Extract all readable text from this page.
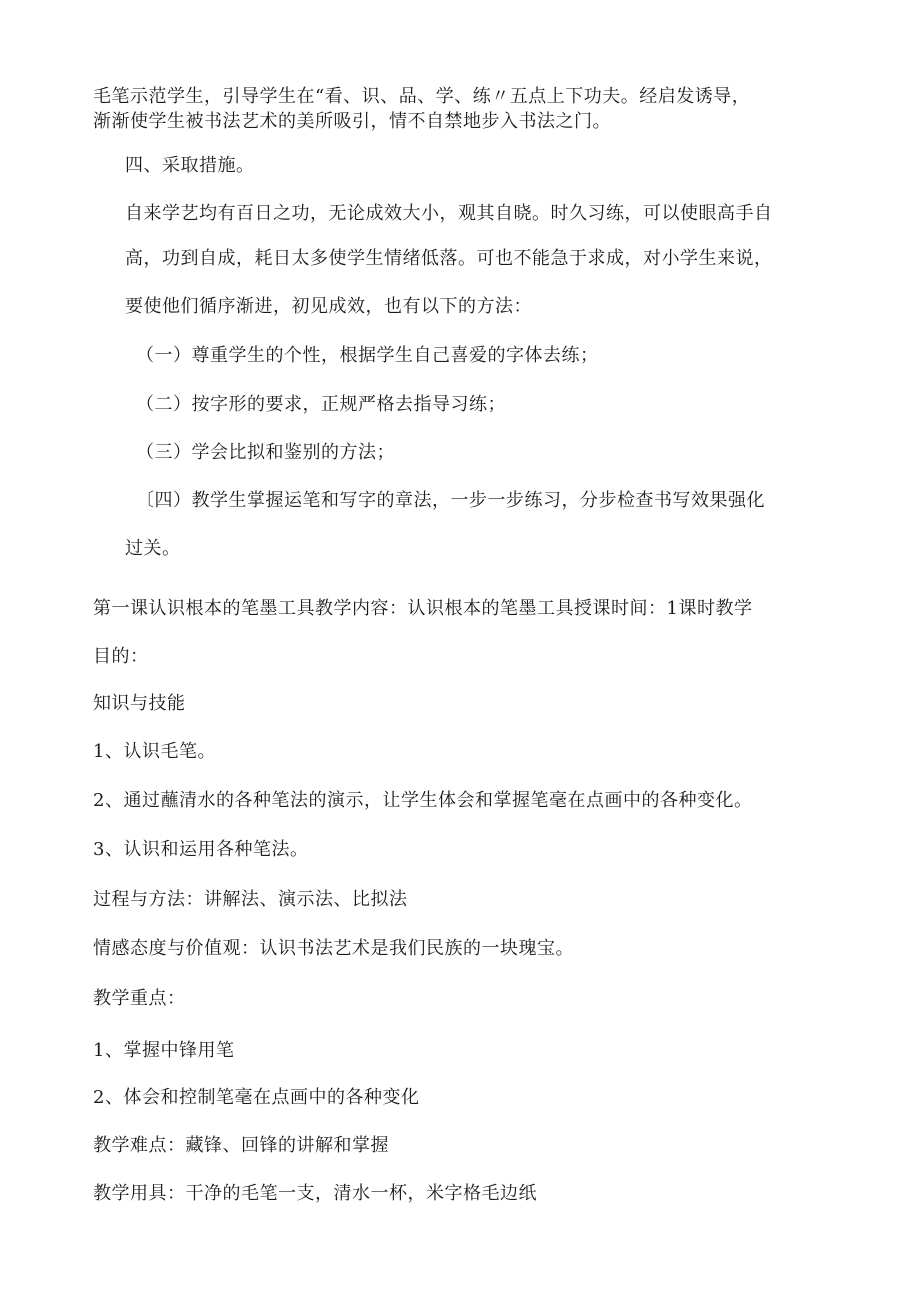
毛笔示范学生，引导学生在“看、识、品、学、练〃五点上下功夫。经启发诱导，
渐渐使学生被书法艺术的美所吸引，情不自禁地步入书法之门。
四、采取措施。
自来学艺均有百日之功，无论成效大小，观其自晓。时久习练，可以使眼高手自
高，功到自成，耗日太多使学生情绪低落。可也不能急于求成，对小学生来说，
要使他们循序渐进，初见成效，也有以下的方法：
（一）尊重学生的个性，根据学生自己喜爱的字体去练；
（二）按字形的要求，正规严格去指导习练；
（三）学会比拟和鉴别的方法；
〔四）教学生掌握运笔和写字的章法，一步一步练习，分步检查书写效果强化
过关。
第一课认识根本的笔墨工具教学内容：认识根本的笔墨工具授课时间：1课时教学
目的：
知识与技能
1、认识毛笔。
2、通过蘸清水的各种笔法的演示，让学生体会和掌握笔毫在点画中的各种变化。
3、认识和运用各种笔法。
过程与方法：讲解法、演示法、比拟法
情感态度与价值观：认识书法艺术是我们民族的一块瑰宝。
教学重点：
1、掌握中锋用笔
2、体会和控制笔毫在点画中的各种变化
教学难点：藏锋、回锋的讲解和掌握
教学用具：干净的毛笔一支，清水一杯，米字格毛边纸
